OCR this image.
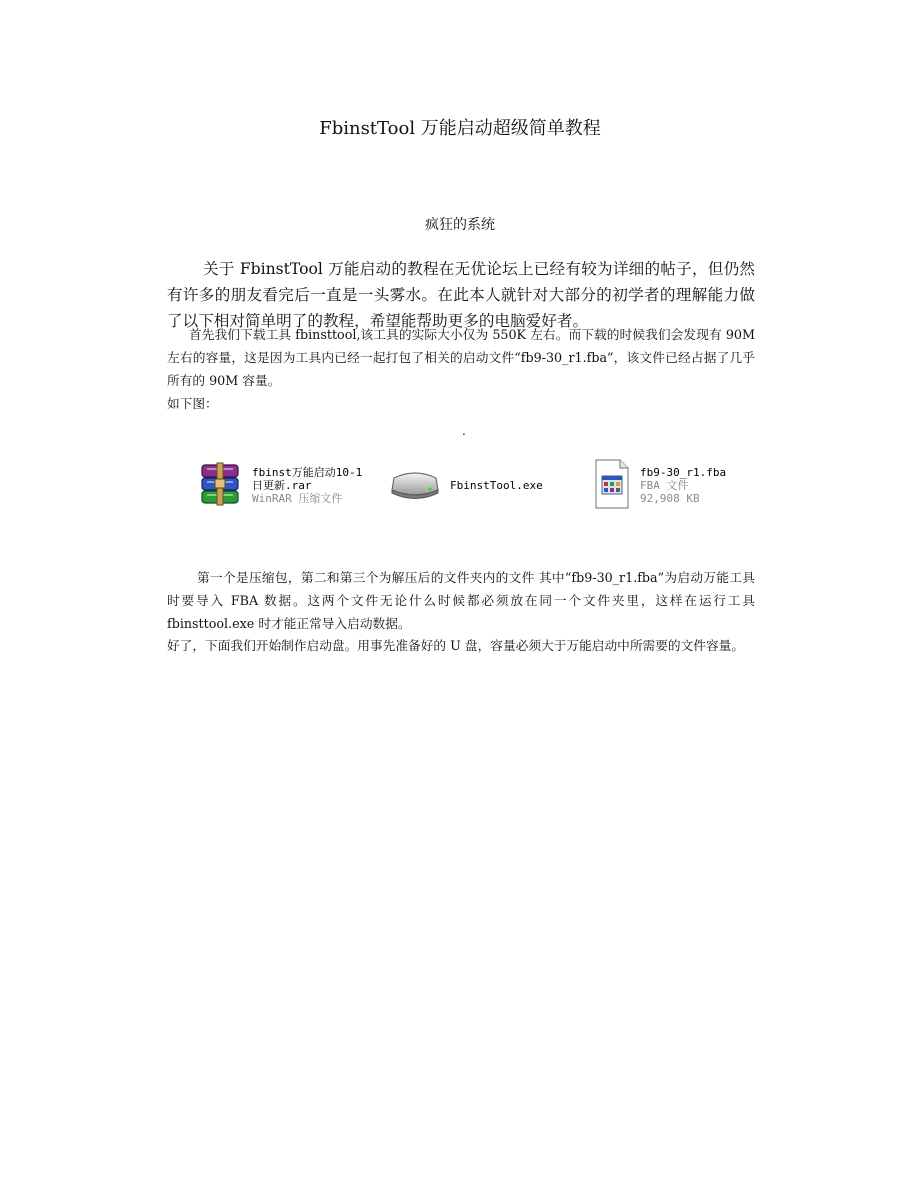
FbinstTool 万能启动超级简单教程

疯狂的系统

关于 FbinstTool 万能启动的教程在无优论坛上已经有较为详细的帖子，但仍然有许多的朋友看完后一直是一头雾水。在此本人就针对大部分的初学者的理解能力做了以下相对简单明了的教程，希望能帮助更多的电脑爱好者。

首先我们下载工具 fbinsttool,该工具的实际大小仅为 550K 左右。而下载的时候我们会发现有 90M 左右的容量，这是因为工具内已经一起打包了相关的启动文件“fb9-30_r1.fba”，该文件已经占据了几乎所有的 90M 容量。

如下图：

.
fbinst万能启动10-1
日更新.rar
WinRAR 压缩文件
FbinstTool.exe
fb9-30_r1.fba
FBA 文件
92,908 KB

第一个是压缩包，第二和第三个为解压后的文件夹内的文件 其中“fb9-30_r1.fba”为启动万能工具时要导入 FBA 数据。这两个文件无论什么时候都必须放在同一个文件夹里，这样在运行工具 fbinsttool.exe 时才能正常导入启动数据。

好了，下面我们开始制作启动盘。用事先准备好的 U 盘，容量必须大于万能启动中所需要的文件容量。
